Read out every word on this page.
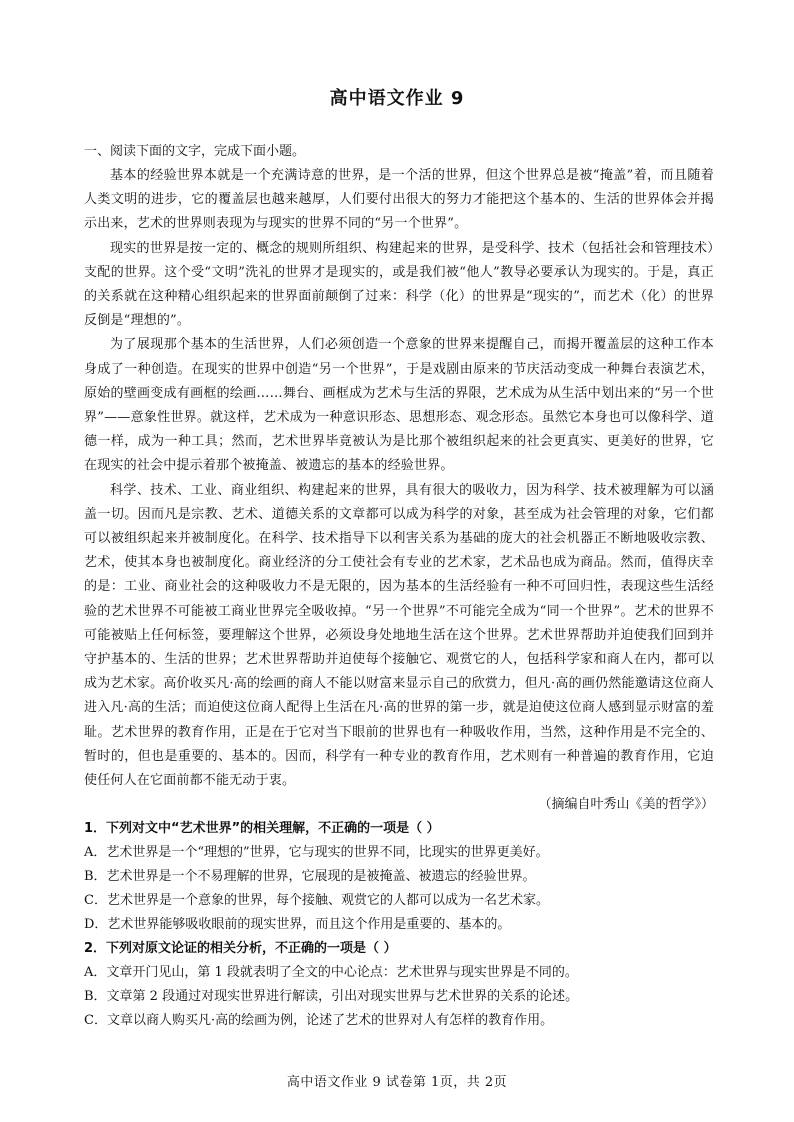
高中语文作业 9

一、阅读下面的文字，完成下面小题。

基本的经验世界本就是一个充满诗意的世界，是一个活的世界，但这个世界总是被“掩盖”着，而且随着人类文明的进步，它的覆盖层也越来越厚，人们要付出很大的努力才能把这个基本的、生活的世界体会并揭示出来，艺术的世界则表现为与现实的世界不同的“另一个世界”。

现实的世界是按一定的、概念的规则所组织、构建起来的世界，是受科学、技术（包括社会和管理技术）支配的世界。这个受“文明”洗礼的世界才是现实的，或是我们被“他人”教导必要承认为现实的。于是，真正的关系就在这种精心组织起来的世界面前颠倒了过来：科学（化）的世界是“现实的”，而艺术（化）的世界反倒是“理想的”。

为了展现那个基本的生活世界，人们必须创造一个意象的世界来提醒自己，而揭开覆盖层的这种工作本身成了一种创造。在现实的世界中创造“另一个世界”，于是戏剧由原来的节庆活动变成一种舞台表演艺术，原始的壁画变成有画框的绘画……舞台、画框成为艺术与生活的界限，艺术成为从生活中划出来的“另一个世界”——意象性世界。就这样，艺术成为一种意识形态、思想形态、观念形态。虽然它本身也可以像科学、道德一样，成为一种工具；然而，艺术世界毕竟被认为是比那个被组织起来的社会更真实、更美好的世界，它在现实的社会中提示着那个被掩盖、被遗忘的基本的经验世界。

科学、技术、工业、商业组织、构建起来的世界，具有很大的吸收力，因为科学、技术被理解为可以涵盖一切。因而凡是宗教、艺术、道德关系的文章都可以成为科学的对象，甚至成为社会管理的对象，它们都可以被组织起来并被制度化。在科学、技术指导下以利害关系为基础的庞大的社会机器正不断地吸收宗教、艺术，使其本身也被制度化。商业经济的分工使社会有专业的艺术家，艺术品也成为商品。然而，值得庆幸的是：工业、商业社会的这种吸收力不是无限的，因为基本的生活经验有一种不可回归性，表现这些生活经验的艺术世界不可能被工商业世界完全吸收掉。“另一个世界”不可能完全成为“同一个世界”。艺术的世界不可能被贴上任何标签，要理解这个世界，必须设身处地地生活在这个世界。艺术世界帮助并迫使我们回到并守护基本的、生活的世界；艺术世界帮助并迫使每个接触它、观赏它的人，包括科学家和商人在内，都可以成为艺术家。高价收买凡·高的绘画的商人不能以财富来显示自己的欣赏力，但凡·高的画仍然能邀请这位商人进入凡·高的生活；而迫使这位商人配得上生活在凡·高的世界的第一步，就是迫使这位商人感到显示财富的羞耻。艺术世界的教育作用，正是在于它对当下眼前的世界也有一种吸收作用，当然，这种作用是不完全的、暂时的，但也是重要的、基本的。因而，科学有一种专业的教育作用，艺术则有一种普遍的教育作用，它迫使任何人在它面前都不能无动于衷。

（摘编自叶秀山《美的哲学》）

1．下列对文中“艺术世界”的相关理解，不正确的一项是（ ）

A．艺术世界是一个“理想的”世界，它与现实的世界不同，比现实的世界更美好。

B．艺术世界是一个不易理解的世界，它展现的是被掩盖、被遗忘的经验世界。

C．艺术世界是一个意象的世界，每个接触、观赏它的人都可以成为一名艺术家。

D．艺术世界能够吸收眼前的现实世界，而且这个作用是重要的、基本的。

2．下列对原文论证的相关分析，不正确的一项是（ ）

A．文章开门见山，第 1 段就表明了全文的中心论点：艺术世界与现实世界是不同的。

B．文章第 2 段通过对现实世界进行解读，引出对现实世界与艺术世界的关系的论述。

C．文章以商人购买凡·高的绘画为例，论述了艺术的世界对人有怎样的教育作用。

高中语文作业 9 试卷第 1页，共 2页
